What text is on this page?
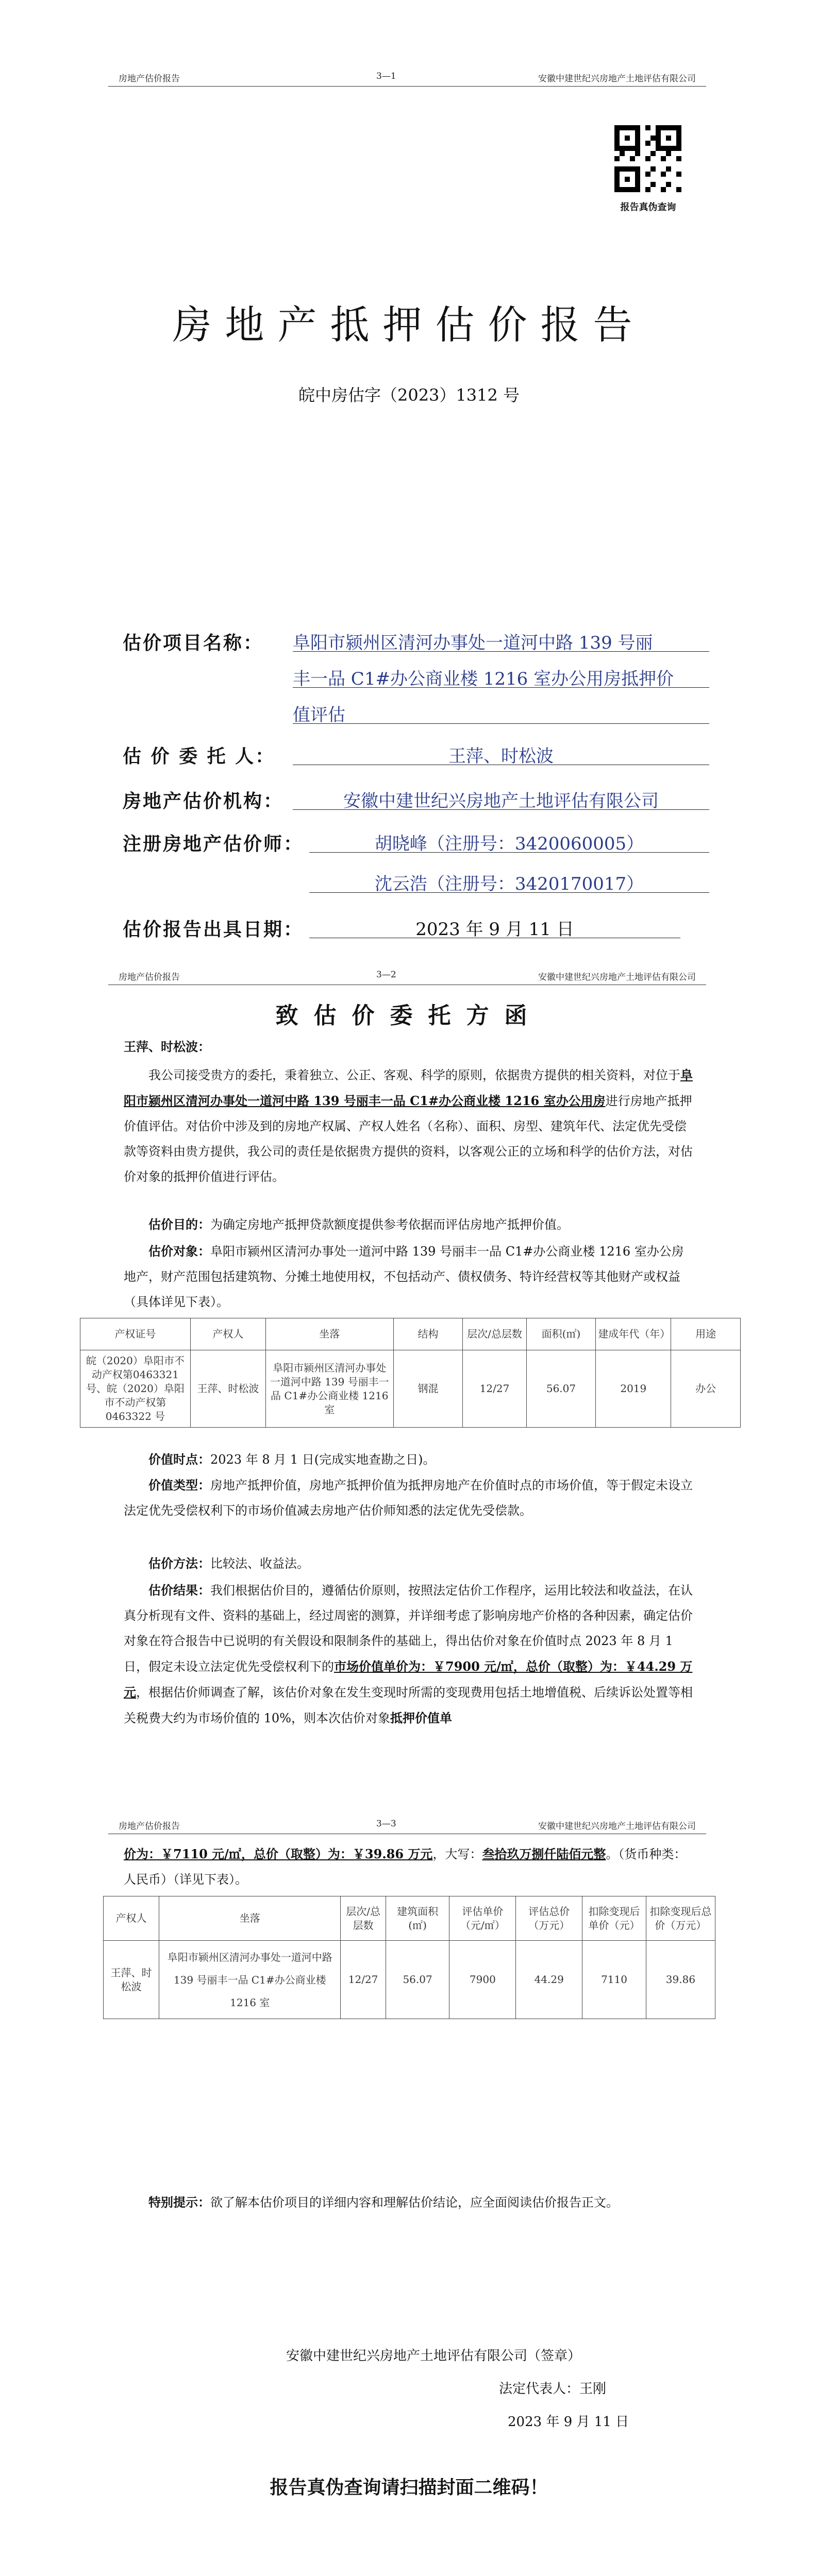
房地产估价报告	3—1	安徽中建世纪兴房地产土地评估有限公司
报告真伪查询
房地产抵押估价报告
皖中房估字（2023）1312 号
估价项目名称： 阜阳市颍州区清河办事处一道河中路 139 号丽
丰一品 C1#办公商业楼 1216 室办公用房抵押价
值评估
估 价 委 托 人：	王萍、时松波
房地产估价机构：	安徽中建世纪兴房地产土地评估有限公司
注册房地产估价师：	胡晓峰（注册号：3420060005）
沈云浩（注册号：3420170017）
估价报告出具日期：	2023 年 9 月 11 日
房地产估价报告	3—2	安徽中建世纪兴房地产土地评估有限公司
致估价委托方函
王萍、时松波：
我公司接受贵方的委托，秉着独立、公正、客观、科学的原则，依据贵方提供的相关资料，对位于阜阳市颍州区清河办事处一道河中路 139 号丽丰一品 C1#办公商业楼 1216 室办公用房进行房地产抵押价值评估。对估价中涉及到的房地产权属、产权人姓名（名称）、面积、房型、建筑年代、法定优先受偿款等资料由贵方提供，我公司的责任是依据贵方提供的资料，以客观公正的立场和科学的估价方法，对估价对象的抵押价值进行评估。
估价目的：为确定房地产抵押贷款额度提供参考依据而评估房地产抵押价值。
估价对象：阜阳市颍州区清河办事处一道河中路 139 号丽丰一品 C1#办公商业楼 1216 室办公房地产，财产范围包括建筑物、分摊土地使用权，不包括动产、债权债务、特许经营权等其他财产或权益（具体详见下表）。
产权证号	产权人	坐落	结构	层次/总层数	面积(㎡)	建成年代（年）	用途
皖（2020）阜阳市不动产权第0463321 号、皖（2020）阜阳市不动产权第0463322 号	王萍、时松波	阜阳市颍州区清河办事处一道河中路 139 号丽丰一品 C1#办公商业楼 1216室	钢混	12/27	56.07	2019	办公
价值时点：2023 年 8 月 1 日(完成实地查勘之日)。
价值类型：房地产抵押价值，房地产抵押价值为抵押房地产在价值时点的市场价值，等于假定未设立法定优先受偿权利下的市场价值减去房地产估价师知悉的法定优先受偿款。
估价方法：比较法、收益法。
估价结果：我们根据估价目的，遵循估价原则，按照法定估价工作程序，运用比较法和收益法，在认真分析现有文件、资料的基础上，经过周密的测算，并详细考虑了影响房地产价格的各种因素，确定估价对象在符合报告中已说明的有关假设和限制条件的基础上，得出估价对象在价值时点 2023 年 8 月 1 日，假定未设立法定优先受偿权利下的市场价值单价为：￥7900 元/㎡，总价（取整）为：￥44.29 万元，根据估价师调查了解，该估价对象在发生变现时所需的变现费用包括土地增值税、后续诉讼处置等相关税费大约为市场价值的 10%，则本次估价对象抵押价值单
房地产估价报告	3—3	安徽中建世纪兴房地产土地评估有限公司
价为：￥7110 元/㎡，总价（取整）为：￥39.86 万元，大写：叁拾玖万捌仟陆佰元整。（货币种类：人民币）（详见下表）。
产权人	坐落	层次/总层数	建筑面积(㎡)	评估单价（元/㎡）	评估总价（万元）	扣除变现后单价（元）	扣除变现后总价（万元）
王萍、时松波	阜阳市颍州区清河办事处一道河中路 139 号丽丰一品 C1#办公商业楼 1216 室	12/27	56.07	7900	44.29	7110	39.86
特别提示：欲了解本估价项目的详细内容和理解估价结论，应全面阅读估价报告正文。
安徽中建世纪兴房地产土地评估有限公司（签章）
法定代表人：王刚
2023 年 9 月 11 日
报告真伪查询请扫描封面二维码！
